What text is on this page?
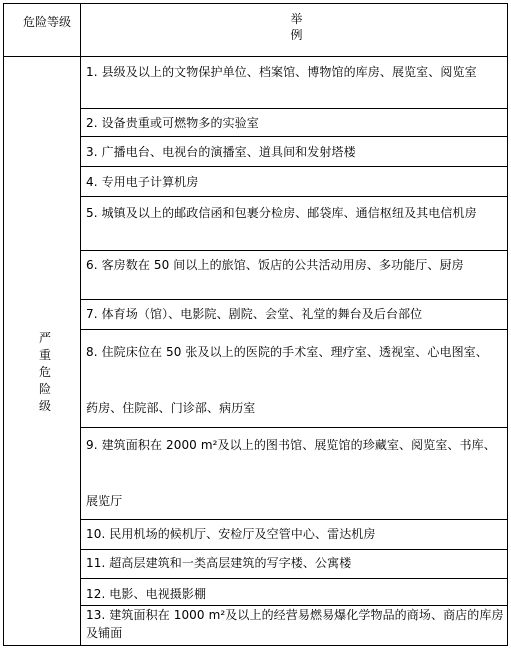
危险等级	举
例
严
重
危
险
级
1. 县级及以上的文物保护单位、档案馆、博物馆的库房、展览室、阅览室
2. 设备贵重或可燃物多的实验室
3. 广播电台、电视台的演播室、道具间和发射塔楼
4. 专用电子计算机房
5. 城镇及以上的邮政信函和包裹分检房、邮袋库、通信枢纽及其电信机房
6. 客房数在 50 间以上的旅馆、饭店的公共活动用房、多功能厅、厨房
7. 体育场（馆）、电影院、剧院、会堂、礼堂的舞台及后台部位
8. 住院床位在 50 张及以上的医院的手术室、理疗室、透视室、心电图室、
药房、住院部、门诊部、病历室
9. 建筑面积在 2000 m²及以上的图书馆、展览馆的珍藏室、阅览室、书库、
展览厅
10. 民用机场的候机厅、安检厅及空管中心、雷达机房
11. 超高层建筑和一类高层建筑的写字楼、公寓楼
12. 电影、电视摄影棚
13. 建筑面积在 1000 m²及以上的经营易燃易爆化学物品的商场、商店的库房及铺面
